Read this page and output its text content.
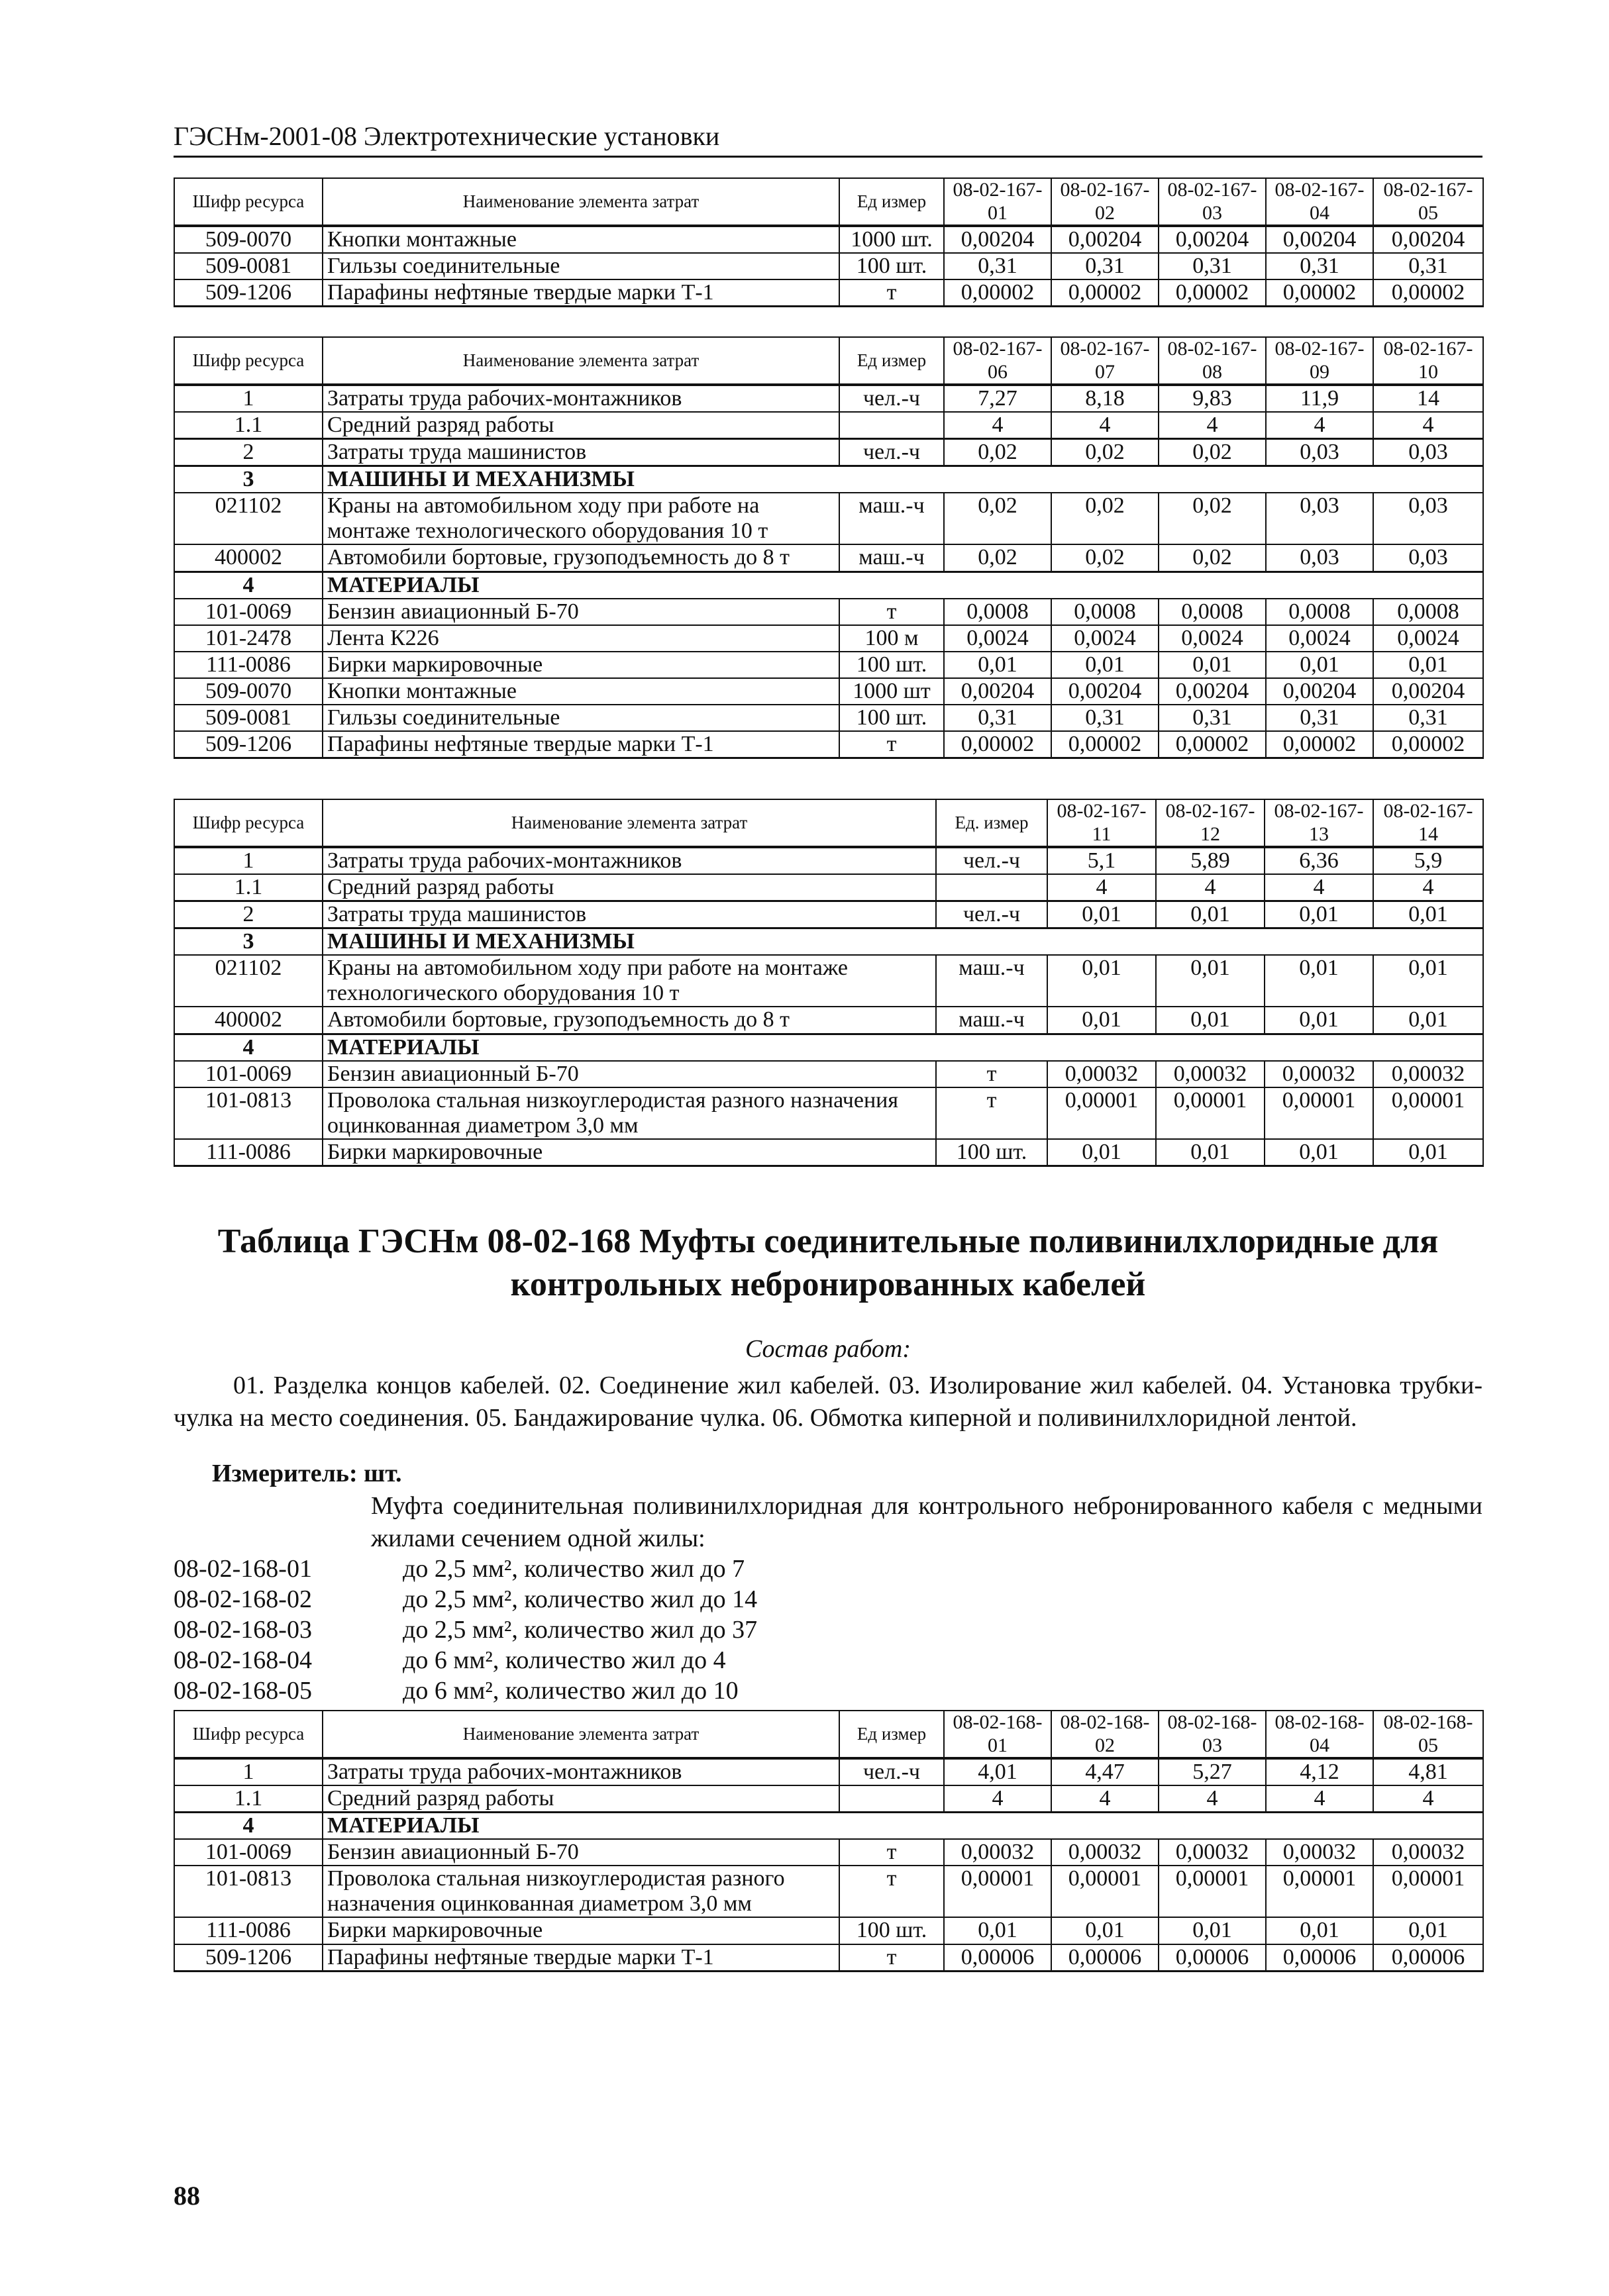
ГЭСНм-2001-08 Электротехнические установки
Шифр ресурса	Наименование элемента затрат	Ед измер	08-02-167-01	08-02-167-02	08-02-167-03	08-02-167-04	08-02-167-05
509-0070	Кнопки монтажные	1000 шт.	0,00204	0,00204	0,00204	0,00204	0,00204
509-0081	Гильзы соединительные	100 шт.	0,31	0,31	0,31	0,31	0,31
509-1206	Парафины нефтяные твердые марки Т-1	т	0,00002	0,00002	0,00002	0,00002	0,00002
Шифр ресурса	Наименование элемента затрат	Ед измер	08-02-167-06	08-02-167-07	08-02-167-08	08-02-167-09	08-02-167-10
1	Затраты труда рабочих-монтажников	чел.-ч	7,27	8,18	9,83	11,9	14
1.1	Средний разряд работы		4	4	4	4	4
2	Затраты труда машинистов	чел.-ч	0,02	0,02	0,02	0,03	0,03
3	МАШИНЫ И МЕХАНИЗМЫ						
021102	Краны на автомобильном ходу при работе на монтаже технологического оборудования 10 т	маш.-ч	0,02	0,02	0,02	0,03	0,03
400002	Автомобили бортовые, грузоподъемность до 8 т	маш.-ч	0,02	0,02	0,02	0,03	0,03
4	МАТЕРИАЛЫ						
101-0069	Бензин авиационный Б-70	т	0,0008	0,0008	0,0008	0,0008	0,0008
101-2478	Лента К226	100 м	0,0024	0,0024	0,0024	0,0024	0,0024
111-0086	Бирки маркировочные	100 шт.	0,01	0,01	0,01	0,01	0,01
509-0070	Кнопки монтажные	1000 шт	0,00204	0,00204	0,00204	0,00204	0,00204
509-0081	Гильзы соединительные	100 шт.	0,31	0,31	0,31	0,31	0,31
509-1206	Парафины нефтяные твердые марки Т-1	т	0,00002	0,00002	0,00002	0,00002	0,00002
Шифр ресурса	Наименование элемента затрат	Ед. измер	08-02-167-11	08-02-167-12	08-02-167-13	08-02-167-14
1	Затраты труда рабочих-монтажников	чел.-ч	5,1	5,89	6,36	5,9
1.1	Средний разряд работы		4	4	4	4
2	Затраты труда машинистов	чел.-ч	0,01	0,01	0,01	0,01
3	МАШИНЫ И МЕХАНИЗМЫ					
021102	Краны на автомобильном ходу при работе на монтаже технологического оборудования 10 т	маш.-ч	0,01	0,01	0,01	0,01
400002	Автомобили бортовые, грузоподъемность до 8 т	маш.-ч	0,01	0,01	0,01	0,01
4	МАТЕРИАЛЫ					
101-0069	Бензин авиационный Б-70	т	0,00032	0,00032	0,00032	0,00032
101-0813	Проволока стальная низкоуглеродистая разного назначения оцинкованная диаметром 3,0 мм	т	0,00001	0,00001	0,00001	0,00001
111-0086	Бирки маркировочные	100 шт.	0,01	0,01	0,01	0,01
Таблица ГЭСНм 08-02-168 Муфты соединительные поливинилхлоридные для контрольных небронированных кабелей
Состав работ:
01. Разделка концов кабелей. 02. Соединение жил кабелей. 03. Изолирование жил кабелей. 04. Установка трубки-чулка на место соединения. 05. Бандажирование чулка. 06. Обмотка киперной и поливинилхлоридной лентой.
Измеритель: шт.
Муфта соединительная поливинилхлоридная для контрольного небронированного кабеля с медными жилами сечением одной жилы:
08-02-168-01	до 2,5 мм², количество жил до 7
08-02-168-02	до 2,5 мм², количество жил до 14
08-02-168-03	до 2,5 мм², количество жил до 37
08-02-168-04	до 6 мм², количество жил до 4
08-02-168-05	до 6 мм², количество жил до 10
Шифр ресурса	Наименование элемента затрат	Ед измер	08-02-168-01	08-02-168-02	08-02-168-03	08-02-168-04	08-02-168-05
1	Затраты труда рабочих-монтажников	чел.-ч	4,01	4,47	5,27	4,12	4,81
1.1	Средний разряд работы		4	4	4	4	4
4	МАТЕРИАЛЫ						
101-0069	Бензин авиационный Б-70	т	0,00032	0,00032	0,00032	0,00032	0,00032
101-0813	Проволока стальная низкоуглеродистая разного назначения оцинкованная диаметром 3,0 мм	т	0,00001	0,00001	0,00001	0,00001	0,00001
111-0086	Бирки маркировочные	100 шт.	0,01	0,01	0,01	0,01	0,01
509-1206	Парафины нефтяные твердые марки Т-1	т	0,00006	0,00006	0,00006	0,00006	0,00006
88
